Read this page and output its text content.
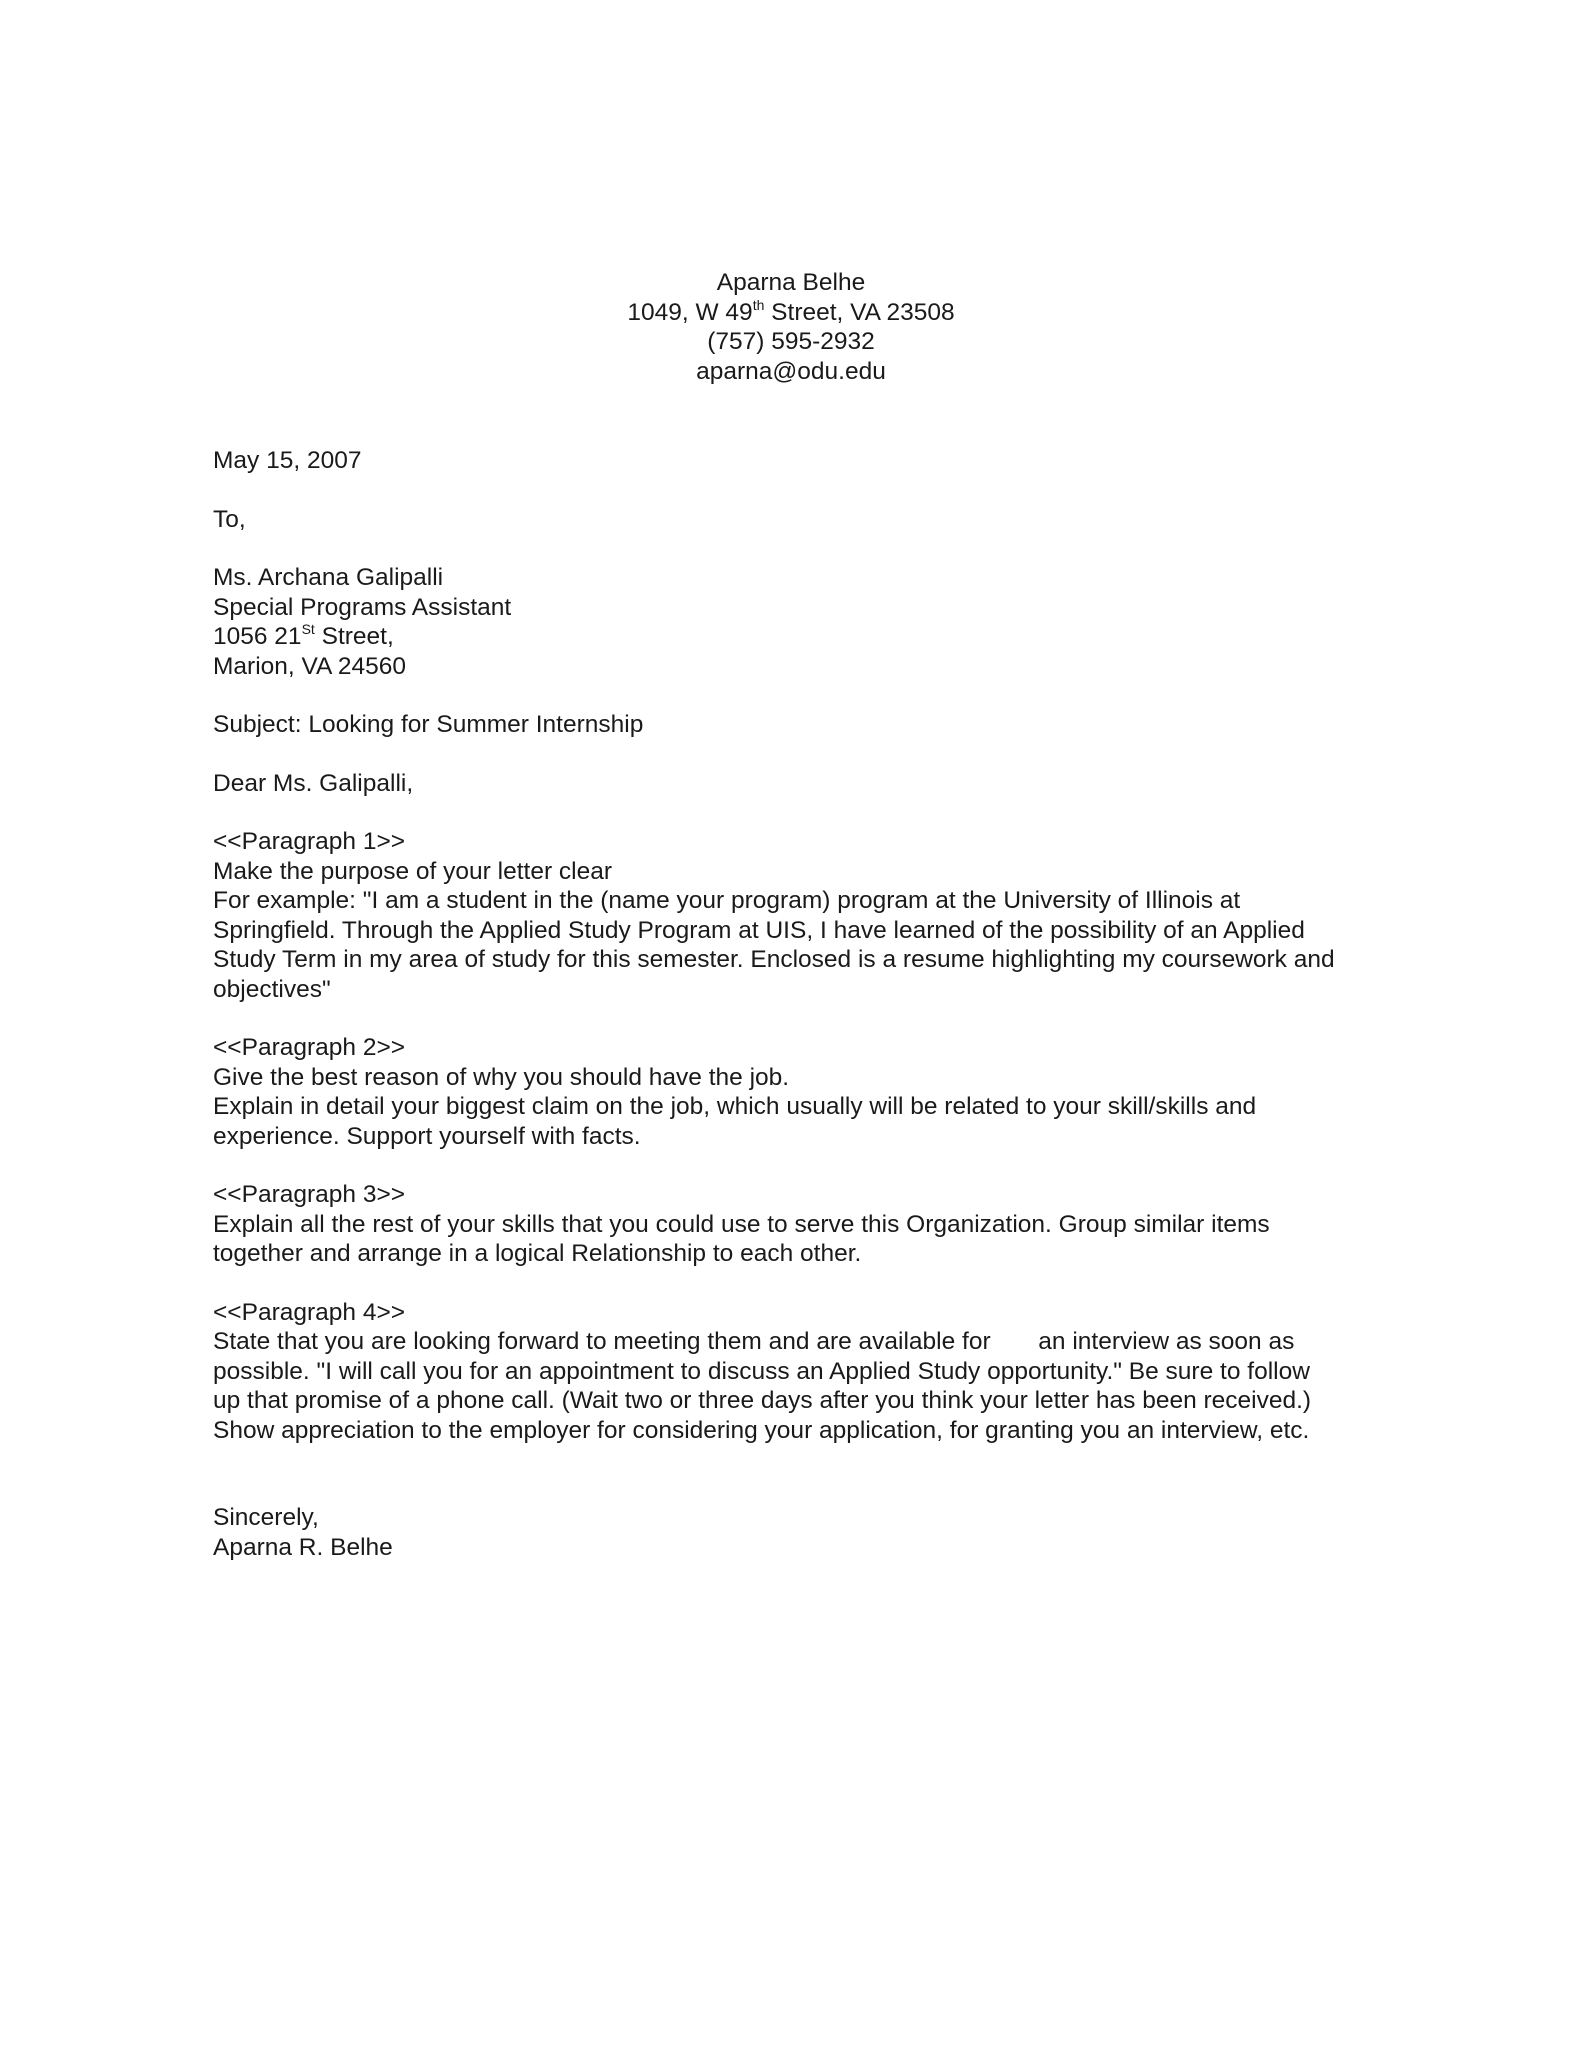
Aparna Belhe
1049, W 49th Street, VA 23508
(757) 595-2932
aparna@odu.edu
May 15, 2007
To,
Ms. Archana Galipalli
Special Programs Assistant
1056 21St Street,
Marion, VA 24560
Subject: Looking for Summer Internship
Dear Ms. Galipalli,
<<Paragraph 1>>
Make the purpose of your letter clear
For example: "I am a student in the (name your program) program at the University of Illinois at
Springfield. Through the Applied Study Program at UIS, I have learned of the possibility of an Applied
Study Term in my area of study for this semester. Enclosed is a resume highlighting my coursework and
objectives"
<<Paragraph 2>>
Give the best reason of why you should have the job.
Explain in detail your biggest claim on the job, which usually will be related to your skill/skills and
experience. Support yourself with facts.
<<Paragraph 3>>
Explain all the rest of your skills that you could use to serve this Organization. Group similar items
together and arrange in a logical Relationship to each other.
<<Paragraph 4>>
State that you are looking forward to meeting them and are available for       an interview as soon as
possible. "I will call you for an appointment to discuss an Applied Study opportunity." Be sure to follow
up that promise of a phone call. (Wait two or three days after you think your letter has been received.)
Show appreciation to the employer for considering your application, for granting you an interview, etc.
Sincerely,
Aparna R. Belhe
